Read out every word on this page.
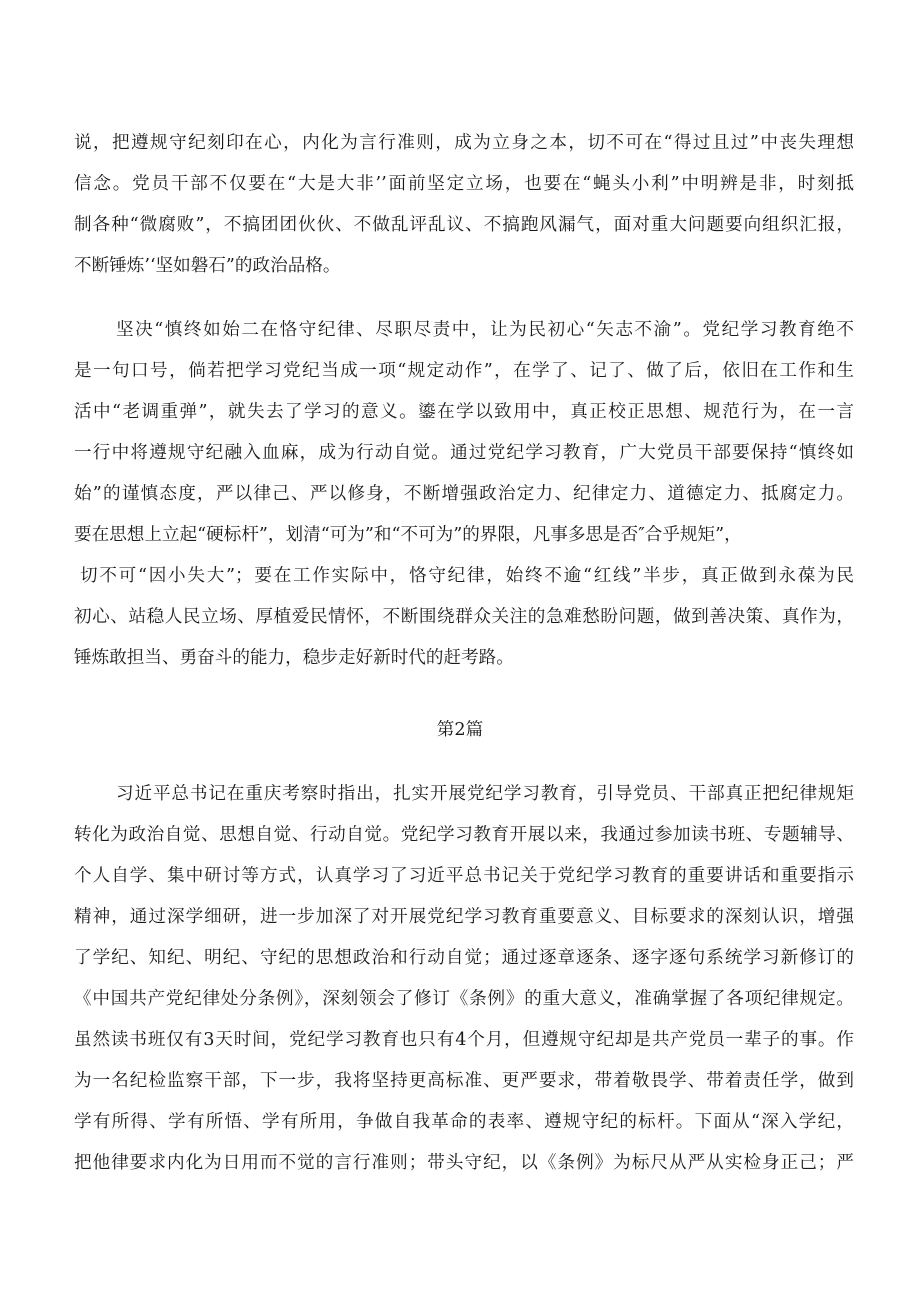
说，把遵规守纪刻印在心，内化为言行准则，成为立身之本，切不可在“得过且过”中丧失理想
信念。党员干部不仅要在“大是大非’’面前坚定立场，也要在“蝇头小利”中明辨是非，时刻抵
制各种“微腐败”，不搞团团伙伙、不做乱评乱议、不搞跑风漏气，面对重大问题要向组织汇报，
不断锤炼’‘坚如磐石”的政治品格。
坚决“慎终如始二在恪守纪律、尽职尽责中，让为民初心“矢志不渝”。党纪学习教育绝不
是一句口号，倘若把学习党纪当成一项“规定动作”，在学了、记了、做了后，依旧在工作和生
活中“老调重弹”，就失去了学习的意义。鎏在学以致用中，真正校正思想、规范行为，在一言
一行中将遵规守纪融入血麻，成为行动自觉。通过党纪学习教育，广大党员干部要保持“慎终如
始”的谨慎态度，严以律己、严以修身，不断增强政治定力、纪律定力、道德定力、抵腐定力。
要在思想上立起“硬标杆”，划清“可为”和“不可为”的界限，凡事多思是否″合乎规矩”，
切不可“因小失大”；要在工作实际中，恪守纪律，始终不逾“红线”半步，真正做到永葆为民
初心、站稳人民立场、厚植爱民情怀，不断围绕群众关注的急难愁盼问题，做到善决策、真作为，
锤炼敢担当、勇奋斗的能力，稳步走好新时代的赶考路。
第2篇
习近平总书记在重庆考察时指出，扎实开展党纪学习教育，引导党员、干部真正把纪律规矩
转化为政治自觉、思想自觉、行动自觉。党纪学习教育开展以来，我通过参加读书班、专题辅导、
个人自学、集中研讨等方式，认真学习了习近平总书记关于党纪学习教育的重要讲话和重要指示
精神，通过深学细研，进一步加深了对开展党纪学习教育重要意义、目标要求的深刻认识，增强
了学纪、知纪、明纪、守纪的思想政治和行动自觉；通过逐章逐条、逐字逐句系统学习新修订的
《中国共产党纪律处分条例》，深刻领会了修订《条例》的重大意义，准确掌握了各项纪律规定。
虽然读书班仅有3天时间，党纪学习教育也只有4个月，但遵规守纪却是共产党员一辈子的事。作
为一名纪检监察干部，下一步，我将坚持更高标准、更严要求，带着敬畏学、带着责任学，做到
学有所得、学有所悟、学有所用，争做自我革命的表率、遵规守纪的标杆。下面从“深入学纪，
把他律要求内化为日用而不觉的言行准则；带头守纪，以《条例》为标尺从严从实检身正己；严
